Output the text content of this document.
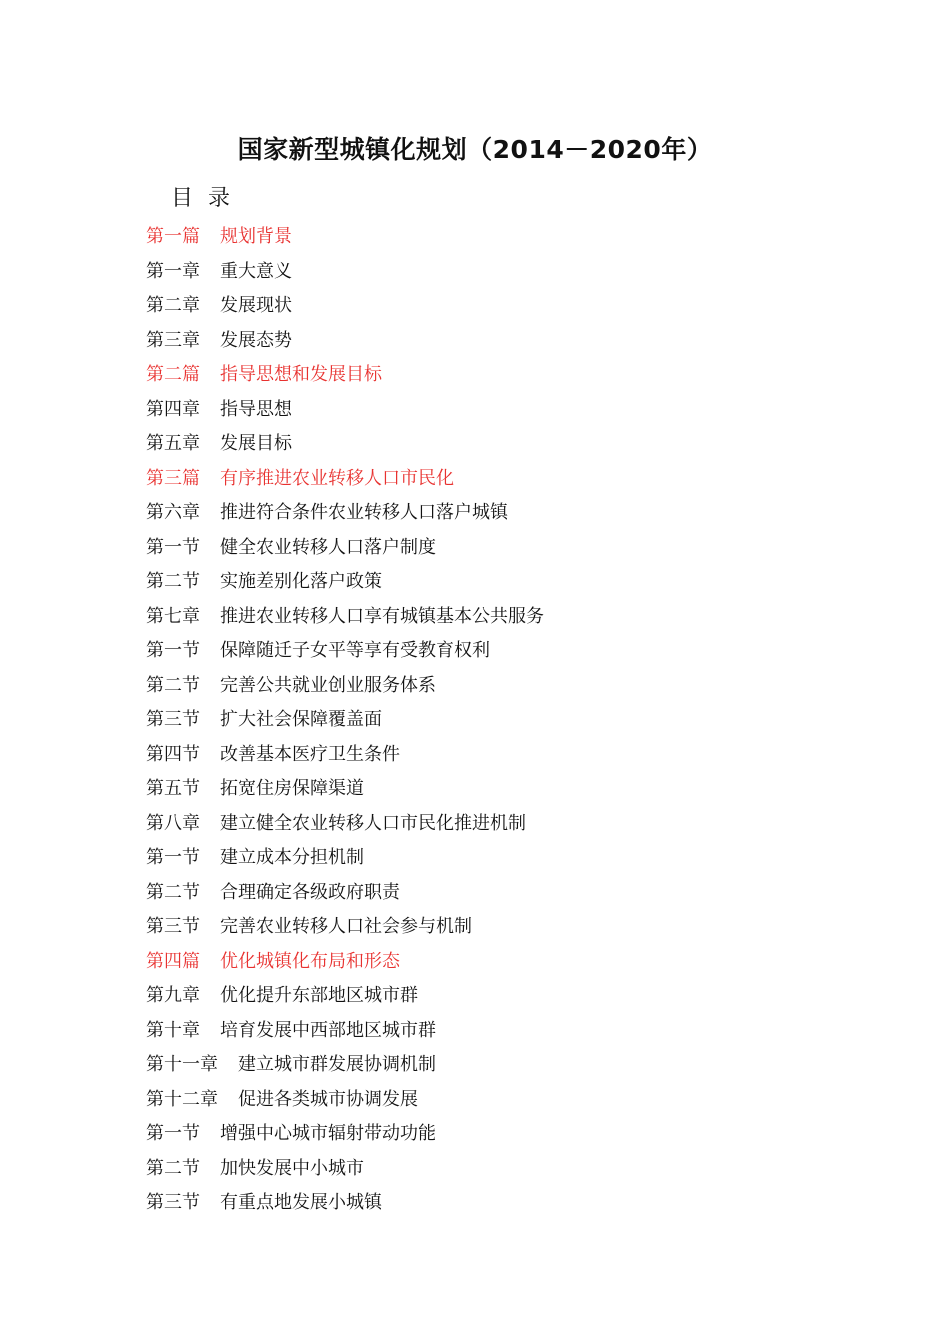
国家新型城镇化规划（2014－2020年）
目 录
第一篇 规划背景
第一章 重大意义
第二章 发展现状
第三章 发展态势
第二篇 指导思想和发展目标
第四章 指导思想
第五章 发展目标
第三篇 有序推进农业转移人口市民化
第六章 推进符合条件农业转移人口落户城镇
第一节 健全农业转移人口落户制度
第二节 实施差别化落户政策
第七章 推进农业转移人口享有城镇基本公共服务
第一节 保障随迁子女平等享有受教育权利
第二节 完善公共就业创业服务体系
第三节 扩大社会保障覆盖面
第四节 改善基本医疗卫生条件
第五节 拓宽住房保障渠道
第八章 建立健全农业转移人口市民化推进机制
第一节 建立成本分担机制
第二节 合理确定各级政府职责
第三节 完善农业转移人口社会参与机制
第四篇 优化城镇化布局和形态
第九章 优化提升东部地区城市群
第十章 培育发展中西部地区城市群
第十一章 建立城市群发展协调机制
第十二章 促进各类城市协调发展
第一节 增强中心城市辐射带动功能
第二节 加快发展中小城市
第三节 有重点地发展小城镇
